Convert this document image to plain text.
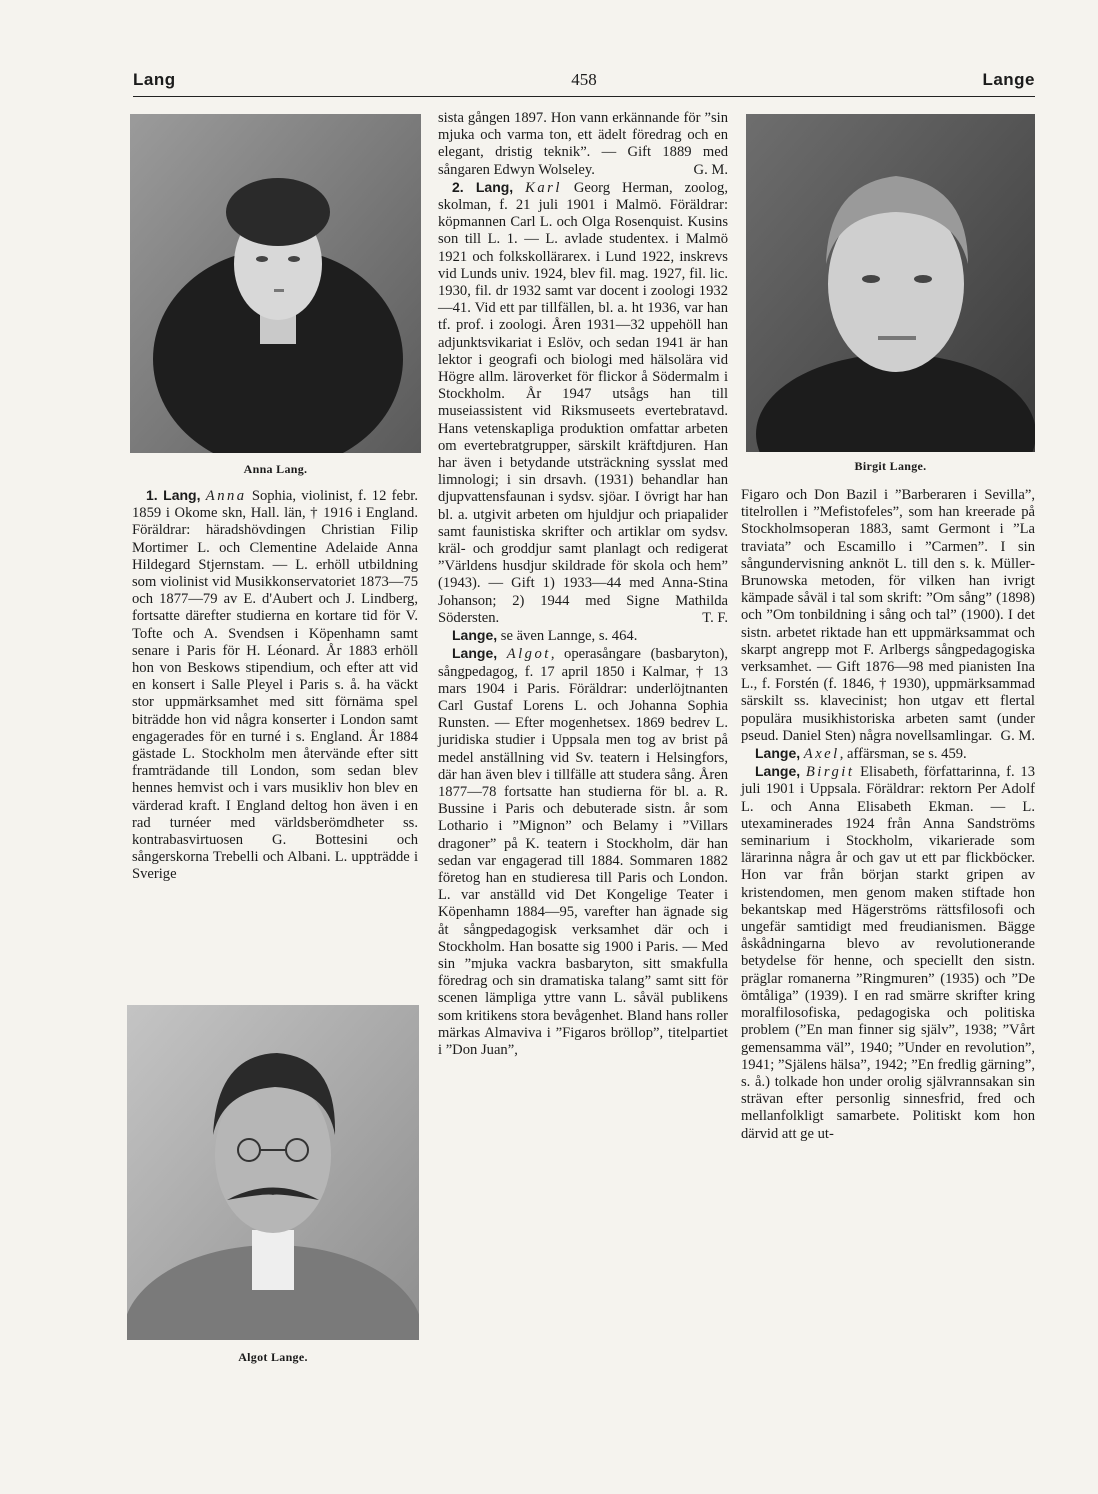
458
Lang	Lange
Anna Lang.	Birgit Lange.
Algot Lange.

1. Lang, Anna Sophia, violinist, f. 12 febr. 1859 i Okome skn, Hall. län, † 1916 i England. Föräldrar: häradshövdingen Christian Filip Mortimer L. och Clementine Adelaide Anna Hildegard Stjernstam. — L. erhöll utbildning som violinist vid Musikkonservatoriet 1873—75 och 1877—79 av E. d'Aubert och J. Lindberg, fortsatte därefter studierna en kortare tid för V. Tofte och A. Svendsen i Köpenhamn samt senare i Paris för H. Léonard. År 1883 erhöll hon von Beskows stipendium, och efter att vid en konsert i Salle Pleyel i Paris s. å. ha väckt stor uppmärksamhet med sitt förnäma spel biträdde hon vid några konserter i London samt engagerades för en turné i s. England. År 1884 gästade L. Stockholm men återvände efter sitt framträdande till London, som sedan blev hennes hemvist och i vars musikliv hon blev en värderad kraft. I England deltog hon även i en rad turnéer med världsberömdheter ss. kontrabasvirtuosen G. Bottesini och sångerskorna Trebelli och Albani. L. uppträdde i Sverige

sista gången 1897. Hon vann erkännande för ”sin mjuka och varma ton, ett ädelt föredrag och en elegant, dristig teknik”. — Gift 1889 med sångaren Edwyn Wolseley.	G. M.

2. Lang, Karl Georg Herman, zoolog, skolman, f. 21 juli 1901 i Malmö. Föräldrar: köpmannen Carl L. och Olga Rosenquist. Kusins son till L. 1. — L. avlade studentex. i Malmö 1921 och folkskollärarex. i Lund 1922, inskrevs vid Lunds univ. 1924, blev fil. mag. 1927, fil. lic. 1930, fil. dr 1932 samt var docent i zoologi 1932—41. Vid ett par tillfällen, bl. a. ht 1936, var han tf. prof. i zoologi. Åren 1931—32 uppehöll han adjunktsvikariat i Eslöv, och sedan 1941 är han lektor i geografi och biologi med hälsolära vid Högre allm. läroverket för flickor å Södermalm i Stockholm. År 1947 utsågs han till museiassistent vid Riksmuseets evertebratavd. Hans vetenskapliga produktion omfattar arbeten om evertebratgrupper, särskilt kräftdjuren. Han har även i betydande utsträckning sysslat med limnologi; i sin drsavh. (1931) behandlar han djupvattensfaunan i sydsv. sjöar. I övrigt har han bl. a. utgivit arbeten om hjuldjur och priapalider samt faunistiska skrifter och artiklar om sydsv. kräl- och groddjur samt planlagt och redigerat ”Världens husdjur skildrade för skola och hem” (1943). — Gift 1) 1933—44 med Anna-Stina Johanson; 2) 1944 med Signe Mathilda Södersten.	T. F.

Lange, se även Lannge, s. 464.

Lange, Algot, operasångare (basbaryton), sångpedagog, f. 17 april 1850 i Kalmar, † 13 mars 1904 i Paris. Föräldrar: underlöjtnanten Carl Gustaf Lorens L. och Johanna Sophia Runsten. — Efter mogenhetsex. 1869 bedrev L. juridiska studier i Uppsala men tog av brist på medel anställning vid Sv. teatern i Helsingfors, där han även blev i tillfälle att studera sång. Åren 1877—78 fortsatte han studierna för bl. a. R. Bussine i Paris och debuterade sistn. år som Lothario i ”Mignon” och Belamy i ”Villars dragoner” på K. teatern i Stockholm, där han sedan var engagerad till 1884. Sommaren 1882 företog han en studieresa till Paris och London. L. var anställd vid Det Kongelige Teater i Köpenhamn 1884—95, varefter han ägnade sig åt sångpedagogisk verksamhet där och i Stockholm. Han bosatte sig 1900 i Paris. — Med sin ”mjuka vackra basbaryton, sitt smakfulla föredrag och sin dramatiska talang” samt sitt för scenen lämpliga yttre vann L. såväl publikens som kritikens stora bevågenhet. Bland hans roller märkas Almaviva i ”Figaros bröllop”, titelpartiet i ”Don Juan”,

Figaro och Don Bazil i ”Barberaren i Sevilla”, titelrollen i ”Mefistofeles”, som han kreerade på Stockholmsoperan 1883, samt Germont i ”La traviata” och Escamillo i ”Carmen”. I sin sångundervisning anknöt L. till den s. k. Müller-Brunowska metoden, för vilken han ivrigt kämpade såväl i tal som skrift: ”Om sång” (1898) och ”Om tonbildning i sång och tal” (1900). I det sistn. arbetet riktade han ett uppmärksammat och skarpt angrepp mot F. Arlbergs sångpedagogiska verksamhet. — Gift 1876—98 med pianisten Ina L., f. Forstén (f. 1846, † 1930), uppmärksammad särskilt ss. klavecinist; hon utgav ett flertal populära musikhistoriska arbeten samt (under pseud. Daniel Sten) några novellsamlingar. G. M.

Lange, Axel, affärsman, se s. 459.

Lange, Birgit Elisabeth, författarinna, f. 13 juli 1901 i Uppsala. Föräldrar: rektorn Per Adolf L. och Anna Elisabeth Ekman. — L. utexaminerades 1924 från Anna Sandströms seminarium i Stockholm, vikarierade som lärarinna några år och gav ut ett par flickböcker. Hon var från början starkt gripen av kristendomen, men genom maken stiftade hon bekantskap med Hägerströms rättsfilosofi och ungefär samtidigt med freudianismen. Bägge åskådningarna blevo av revolutionerande betydelse för henne, och speciellt den sistn. präglar romanerna ”Ringmuren” (1935) och ”De ömtåliga” (1939). I en rad smärre skrifter kring moralfilosofiska, pedagogiska och politiska problem (”En man finner sig själv”, 1938; ”Vårt gemensamma väl”, 1940; ”Under en revolution”, 1941; ”Själens hälsa”, 1942; ”En fredlig gärning”, s. å.) tolkade hon under orolig självrannsakan sin strävan efter personlig sinnesfrid, fred och mellanfolkligt samarbete. Politiskt kom hon därvid att ge ut-
